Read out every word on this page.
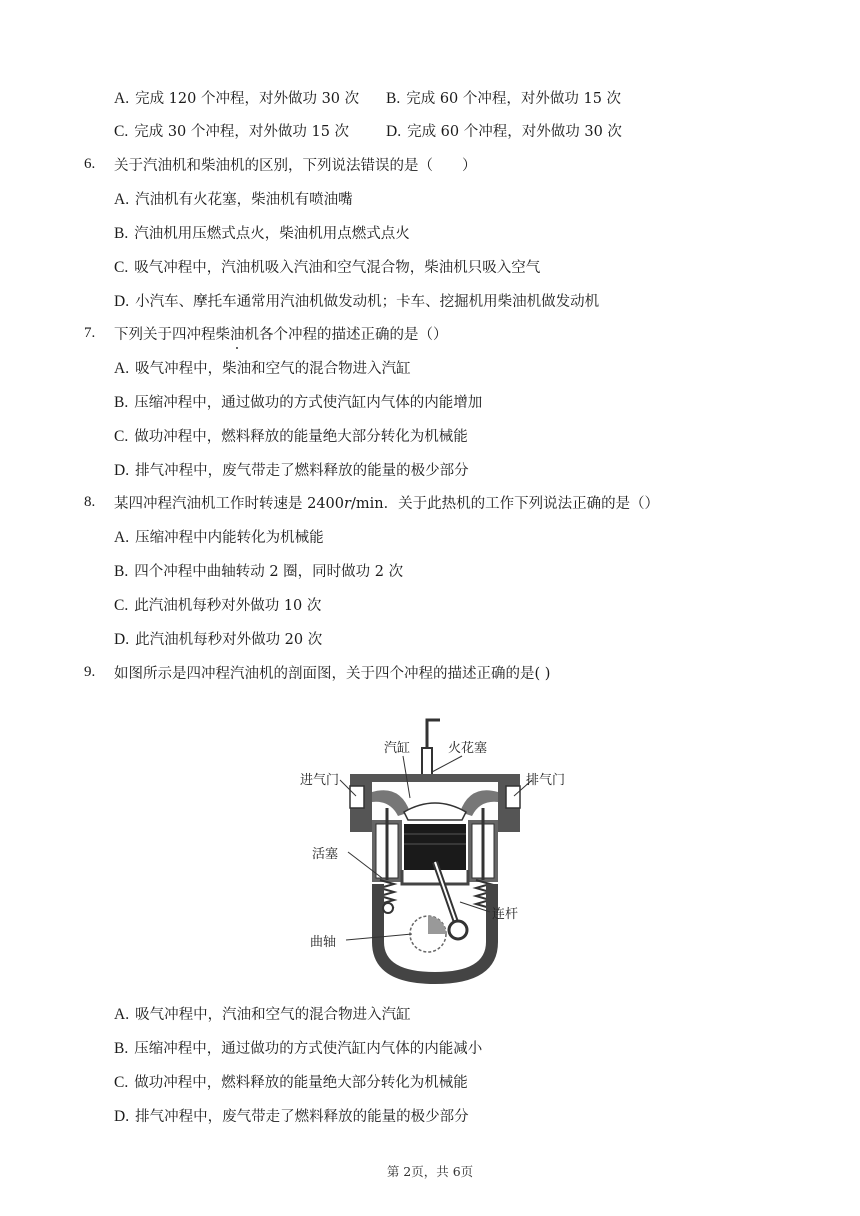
A. 完成 120 个冲程，对外做功 30 次 B. 完成 60 个冲程，对外做功 15 次
C. 完成 30 个冲程，对外做功 15 次 D. 完成 60 个冲程，对外做功 30 次
6. 关于汽油机和柴油机的区别，下列说法错误的是（　　）
A. 汽油机有火花塞，柴油机有喷油嘴
B. 汽油机用压燃式点火，柴油机用点燃式点火
C. 吸气冲程中，汽油机吸入汽油和空气混合物，柴油机只吸入空气
D. 小汽车、摩托车通常用汽油机做发动机；卡车、挖掘机用柴油机做发动机
7. 下列关于四冲程柴油机各个冲程的描述正确的是（）
A. 吸气冲程中，柴油和空气的混合物进入汽缸
B. 压缩冲程中，通过做功的方式使汽缸内气体的内能增加
C. 做功冲程中，燃料释放的能量绝大部分转化为机械能
D. 排气冲程中，废气带走了燃料释放的能量的极少部分
8. 某四冲程汽油机工作时转速是 2400r/min．关于此热机的工作下列说法正确的是（）
A. 压缩冲程中内能转化为机械能
B. 四个冲程中曲轴转动 2 圈，同时做功 2 次
C. 此汽油机每秒对外做功 10 次
D. 此汽油机每秒对外做功 20 次
9. 如图所示是四冲程汽油机的剖面图，关于四个冲程的描述正确的是( )
汽缸	火花塞
进气门	排气门
活塞
连杆
曲轴
A. 吸气冲程中，汽油和空气的混合物进入汽缸
B. 压缩冲程中，通过做功的方式使汽缸内气体的内能减小
C. 做功冲程中，燃料释放的能量绝大部分转化为机械能
D. 排气冲程中，废气带走了燃料释放的能量的极少部分
第 2页，共 6页
